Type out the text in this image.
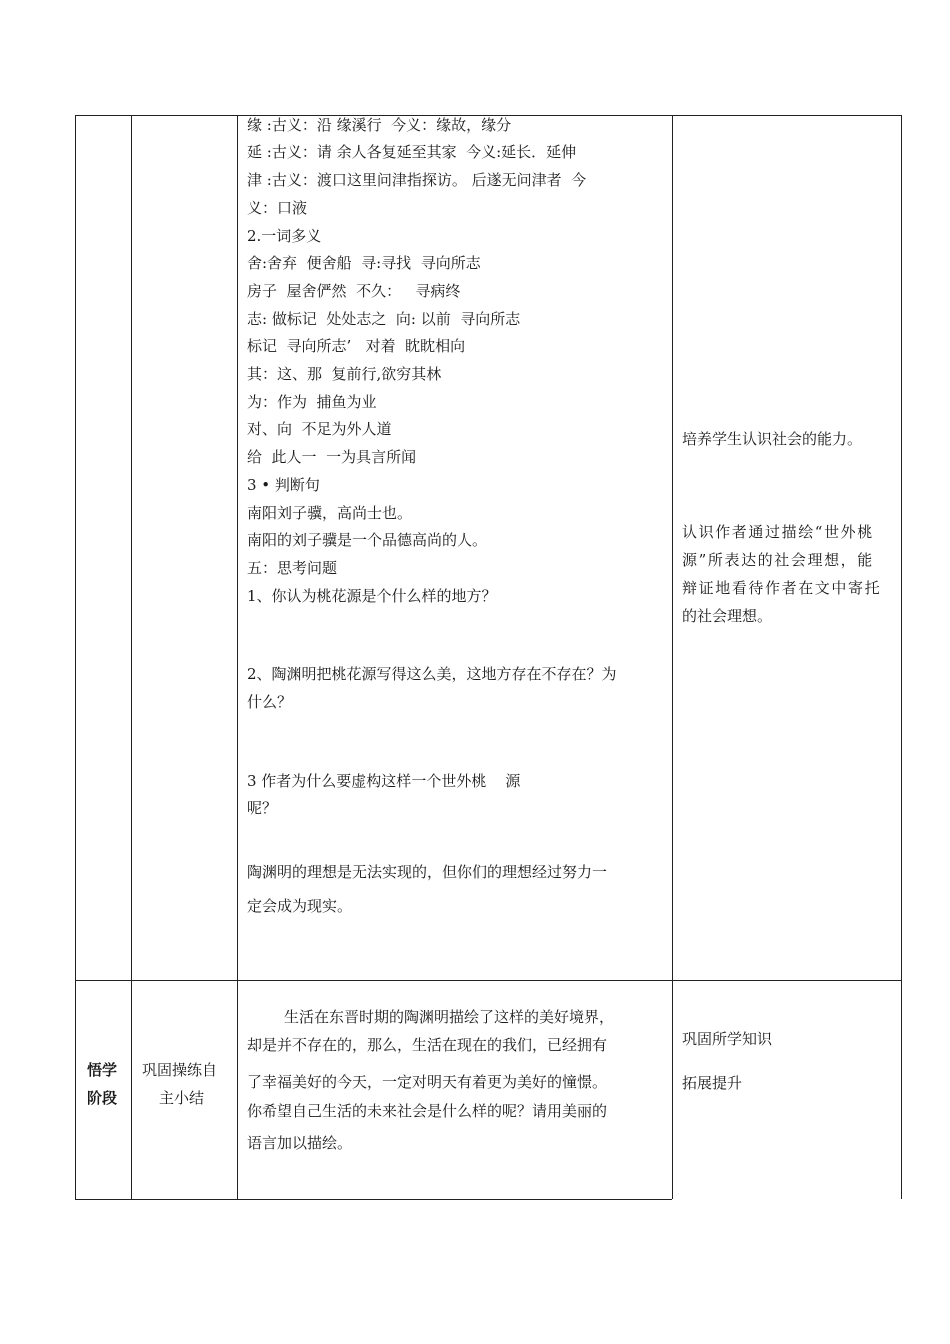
缘 :古义：沿 缘溪行  今义：缘故，缘分
延 :古义：请 余人各复延至其家  今义:延长．延伸
津 :古义：渡口这里问津指探访。 后遂无问津者  今
义：口液
2.一词多义
舍:舍弃  便舍船  寻:寻找  寻向所志
房子  屋舍俨然  不久：   寻病终
志: 做标记  处处志之  向: 以前  寻向所志
标记  寻向所志’   对着  眈眈相向
其：这、那  复前行,欲穷其林
为：作为  捕鱼为业
对、向  不足为外人道
给  此人一  一为具言所闻
3 • 判断句
南阳刘子骥，高尚士也。
南阳的刘子骥是一个品德高尚的人。
五：思考问题
1、你认为桃花源是个什么样的地方？
2、陶渊明把桃花源写得这么美，这地方存在不存在？为
什么？
3 作者为什么要虚构这样一个世外桃    源
呢？
陶渊明的理想是无法实现的，但你们的理想经过努力一
定会成为现实。
培养学生认识社会的能力。
认识作者通过描绘“世外桃
源”所表达的社会理想，能
辩证地看待作者在文中寄托
的社会理想。
悟学
阶段
巩固操练自
主小结
生活在东晋时期的陶渊明描绘了这样的美好境界，
却是并不存在的，那么，生活在现在的我们，已经拥有
了幸福美好的今天，一定对明天有着更为美好的憧憬。
你希望自己生活的未来社会是什么样的呢？请用美丽的
语言加以描绘。
巩固所学知识
拓展提升
